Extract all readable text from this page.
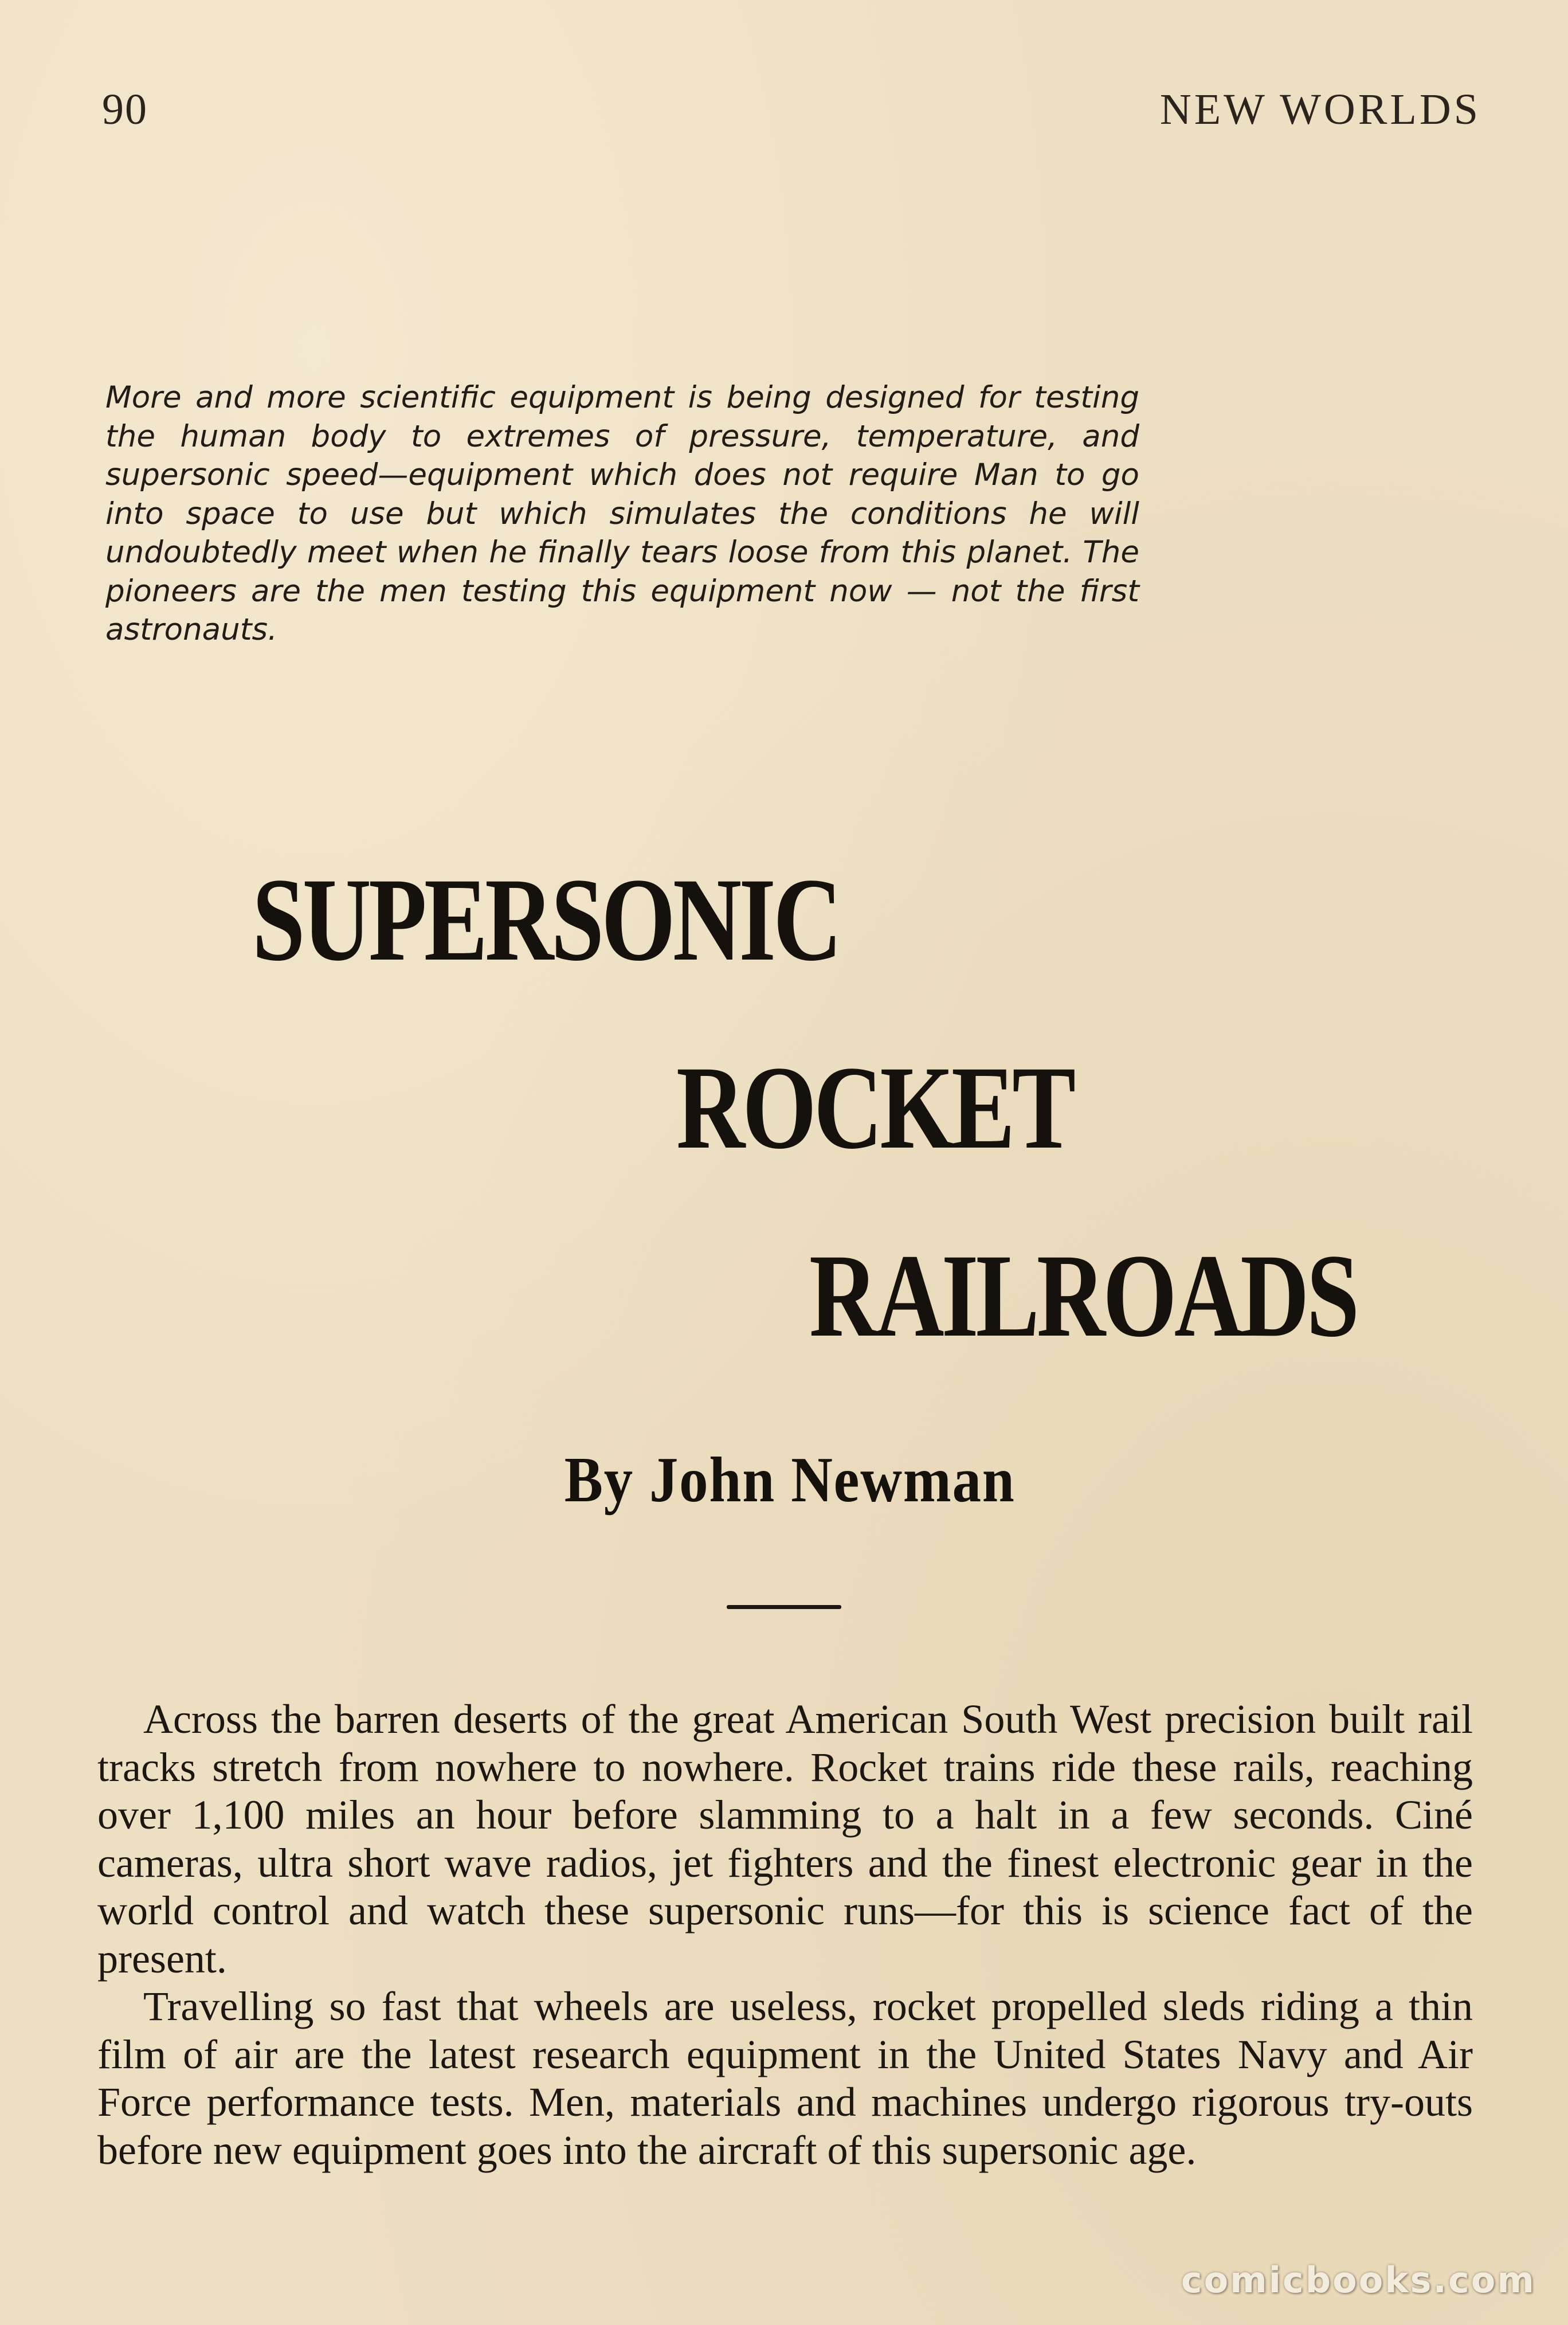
90	NEW WORLDS

More and more scientific equipment is being designed for testing the human body to extremes of pressure, temperature, and supersonic speed—equipment which does not require Man to go into space to use but which simulates the conditions he will undoubtedly meet when he finally tears loose from this planet. The pioneers are the men testing this equipment now — not the first astronauts.

SUPERSONIC
ROCKET
RAILROADS
By John Newman

Across the barren deserts of the great American South West precision built rail tracks stretch from nowhere to nowhere. Rocket trains ride these rails, reaching over 1,100 miles an hour before slamming to a halt in a few seconds. Ciné cameras, ultra short wave radios, jet fighters and the finest electronic gear in the world control and watch these supersonic runs—for this is science fact of the present.

Travelling so fast that wheels are useless, rocket propelled sleds riding a thin film of air are the latest research equipment in the United States Navy and Air Force performance tests. Men, materials and machines undergo rigorous try-outs before new equipment goes into the aircraft of this supersonic age.

comicbooks.com
